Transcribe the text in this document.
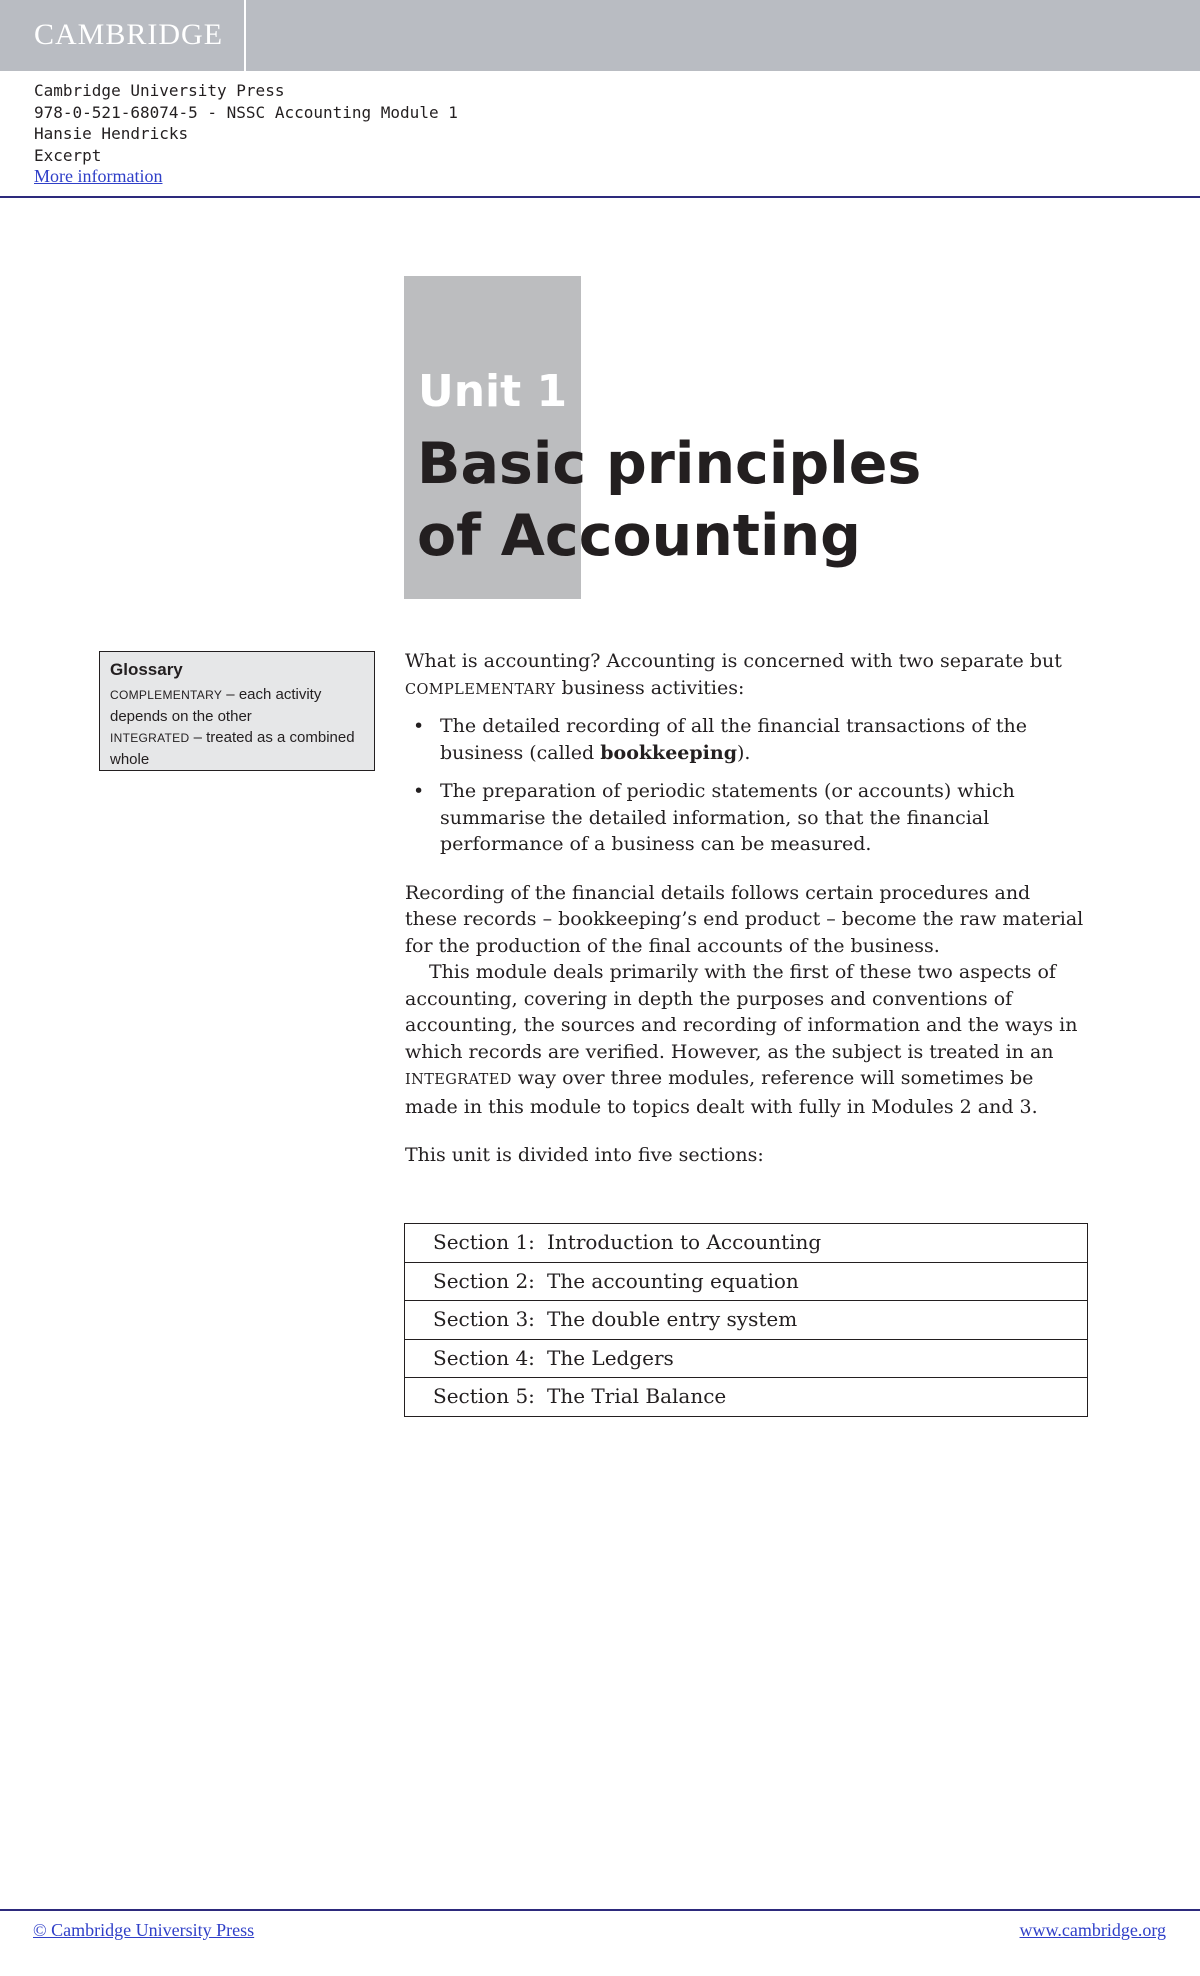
CAMBRIDGE
Cambridge University Press
978-0-521-68074-5 - NSSC Accounting Module 1
Hansie Hendricks
Excerpt
More information
Unit 1
Basic principles of Accounting
Glossary
COMPLEMENTARY – each activity depends on the other
INTEGRATED – treated as a combined whole

What is accounting? Accounting is concerned with two separate but COMPLEMENTARY business activities:

• The detailed recording of all the financial transactions of the business (called bookkeeping).
• The preparation of periodic statements (or accounts) which summarise the detailed information, so that the financial performance of a business can be measured.

Recording of the financial details follows certain procedures and these records – bookkeeping’s end product – become the raw material for the production of the final accounts of the business.

This module deals primarily with the first of these two aspects of accounting, covering in depth the purposes and conventions of accounting, the sources and recording of information and the ways in which records are verified. However, as the subject is treated in an INTEGRATED way over three modules, reference will sometimes be made in this module to topics dealt with fully in Modules 2 and 3.

This unit is divided into five sections:

Section 1: Introduction to Accounting
Section 2: The accounting equation
Section 3: The double entry system
Section 4: The Ledgers
Section 5: The Trial Balance
© Cambridge University Press	www.cambridge.org
